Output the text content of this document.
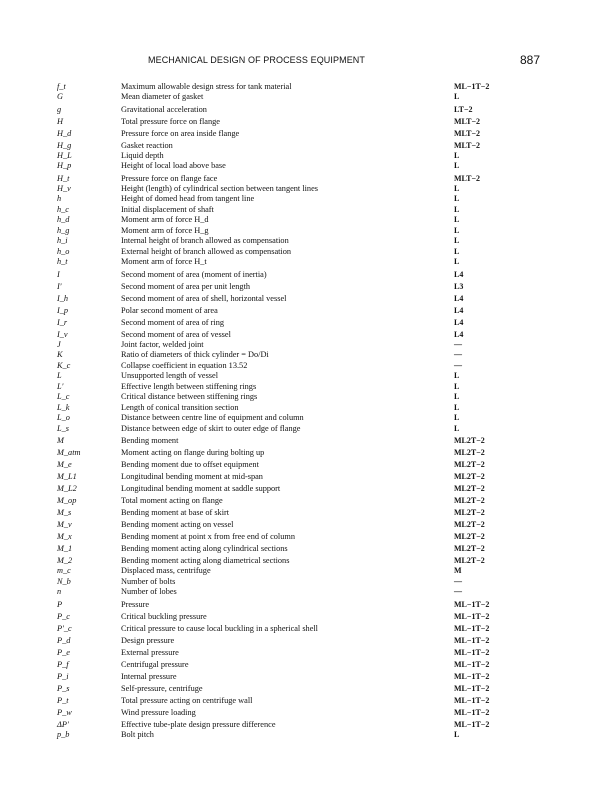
MECHANICAL DESIGN OF PROCESS EQUIPMENT	887
f_t	Maximum allowable design stress for tank material	ML−1T−2
G	Mean diameter of gasket	L
g	Gravitational acceleration	LT−2
H	Total pressure force on flange	MLT−2
H_d	Pressure force on area inside flange	MLT−2
H_g	Gasket reaction	MLT−2
H_L	Liquid depth	L
H_p	Height of local load above base	L
H_t	Pressure force on flange face	MLT−2
H_v	Height (length) of cylindrical section between tangent lines	L
h	Height of domed head from tangent line	L
h_c	Initial displacement of shaft	L
h_d	Moment arm of force H_d	L
h_g	Moment arm of force H_g	L
h_i	Internal height of branch allowed as compensation	L
h_o	External height of branch allowed as compensation	L
h_t	Moment arm of force H_t	L
I	Second moment of area (moment of inertia)	L4
I′	Second moment of area per unit length	L3
I_h	Second moment of area of shell, horizontal vessel	L4
I_p	Polar second moment of area	L4
I_r	Second moment of area of ring	L4
I_v	Second moment of area of vessel	L4
J	Joint factor, welded joint	—
K	Ratio of diameters of thick cylinder = Do/Di	—
K_c	Collapse coefficient in equation 13.52	—
L	Unsupported length of vessel	L
L′	Effective length between stiffening rings	L
L_c	Critical distance between stiffening rings	L
L_k	Length of conical transition section	L
L_o	Distance between centre line of equipment and column	L
L_s	Distance between edge of skirt to outer edge of flange	L
M	Bending moment	ML2T−2
M_atm	Moment acting on flange during bolting up	ML2T−2
M_e	Bending moment due to offset equipment	ML2T−2
M_L1	Longitudinal bending moment at mid-span	ML2T−2
M_L2	Longitudinal bending moment at saddle support	ML2T−2
M_op	Total moment acting on flange	ML2T−2
M_s	Bending moment at base of skirt	ML2T−2
M_v	Bending moment acting on vessel	ML2T−2
M_x	Bending moment at point x from free end of column	ML2T−2
M_1	Bending moment acting along cylindrical sections	ML2T−2
M_2	Bending moment acting along diametrical sections	ML2T−2
m_c	Displaced mass, centrifuge	M
N_b	Number of bolts	—
n	Number of lobes	—
P	Pressure	ML−1T−2
P_c	Critical buckling pressure	ML−1T−2
P′_c	Critical pressure to cause local buckling in a spherical shell	ML−1T−2
P_d	Design pressure	ML−1T−2
P_e	External pressure	ML−1T−2
P_f	Centrifugal pressure	ML−1T−2
P_i	Internal pressure	ML−1T−2
P_s	Self-pressure, centrifuge	ML−1T−2
P_t	Total pressure acting on centrifuge wall	ML−1T−2
P_w	Wind pressure loading	ML−1T−2
ΔP′	Effective tube-plate design pressure difference	ML−1T−2
p_b	Bolt pitch	L
